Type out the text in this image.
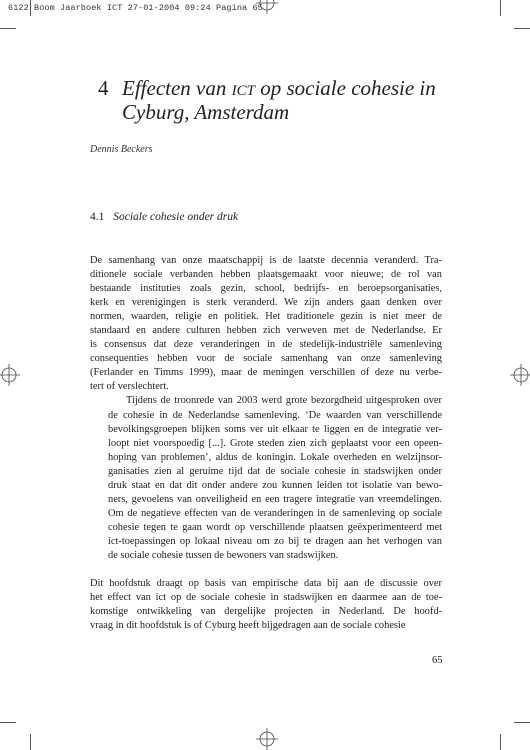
6122 Boom Jaarboek ICT 27-01-2004 09:24 Pagina 65
4 Effecten van ict op sociale cohesie in
Cyburg, Amsterdam
Dennis Beckers
4.1 Sociale cohesie onder druk

De samenhang van onze maatschappij is de laatste decennia veranderd. Tra-
ditionele sociale verbanden hebben plaatsgemaakt voor nieuwe; de rol van
bestaande instituties zoals gezin, school, bedrijfs- en beroepsorganisaties,
kerk en verenigingen is sterk veranderd. We zijn anders gaan denken over
normen, waarden, religie en politiek. Het traditionele gezin is niet meer de
standaard en andere culturen hebben zich verweven met de Nederlandse. Er
is consensus dat deze veranderingen in de stedelijk-industriële samenleving
consequenties hebben voor de sociale samenhang van onze samenleving
(Ferlander en Timms 1999), maar de meningen verschillen of deze nu verbe-
tert of verslechtert.

Tijdens de troonrede van 2003 werd grote bezorgdheid uitgesproken over
de cohesie in de Nederlandse samenleving. ‘De waarden van verschillende
bevolkingsgroepen blijken soms ver uit elkaar te liggen en de integratie ver-
loopt niet voorspoedig [...]. Grote steden zien zich geplaatst voor een opeen-
hoping van problemen’, aldus de koningin. Lokale overheden en welzijnsor-
ganisaties zien al geruime tijd dat de sociale cohesie in stadswijken onder
druk staat en dat dit onder andere zou kunnen leiden tot isolatie van bewo-
ners, gevoelens van onveiligheid en een tragere integratie van vreemdelingen.
Om de negatieve effecten van de veranderingen in de samenleving op sociale
cohesie tegen te gaan wordt op verschillende plaatsen geëxperimenteerd met
ict-toepassingen op lokaal niveau om zo bij te dragen aan het verhogen van
de sociale cohesie tussen de bewoners van stadswijken.

Dit hoofdstuk draagt op basis van empirische data bij aan de discussie over
het effect van ict op de sociale cohesie in stadswijken en daarmee aan de toe-
komstige ontwikkeling van dergelijke projecten in Nederland. De hoofd-
vraag in dit hoofdstuk is of Cyburg heeft bijgedragen aan de sociale cohesie

65
